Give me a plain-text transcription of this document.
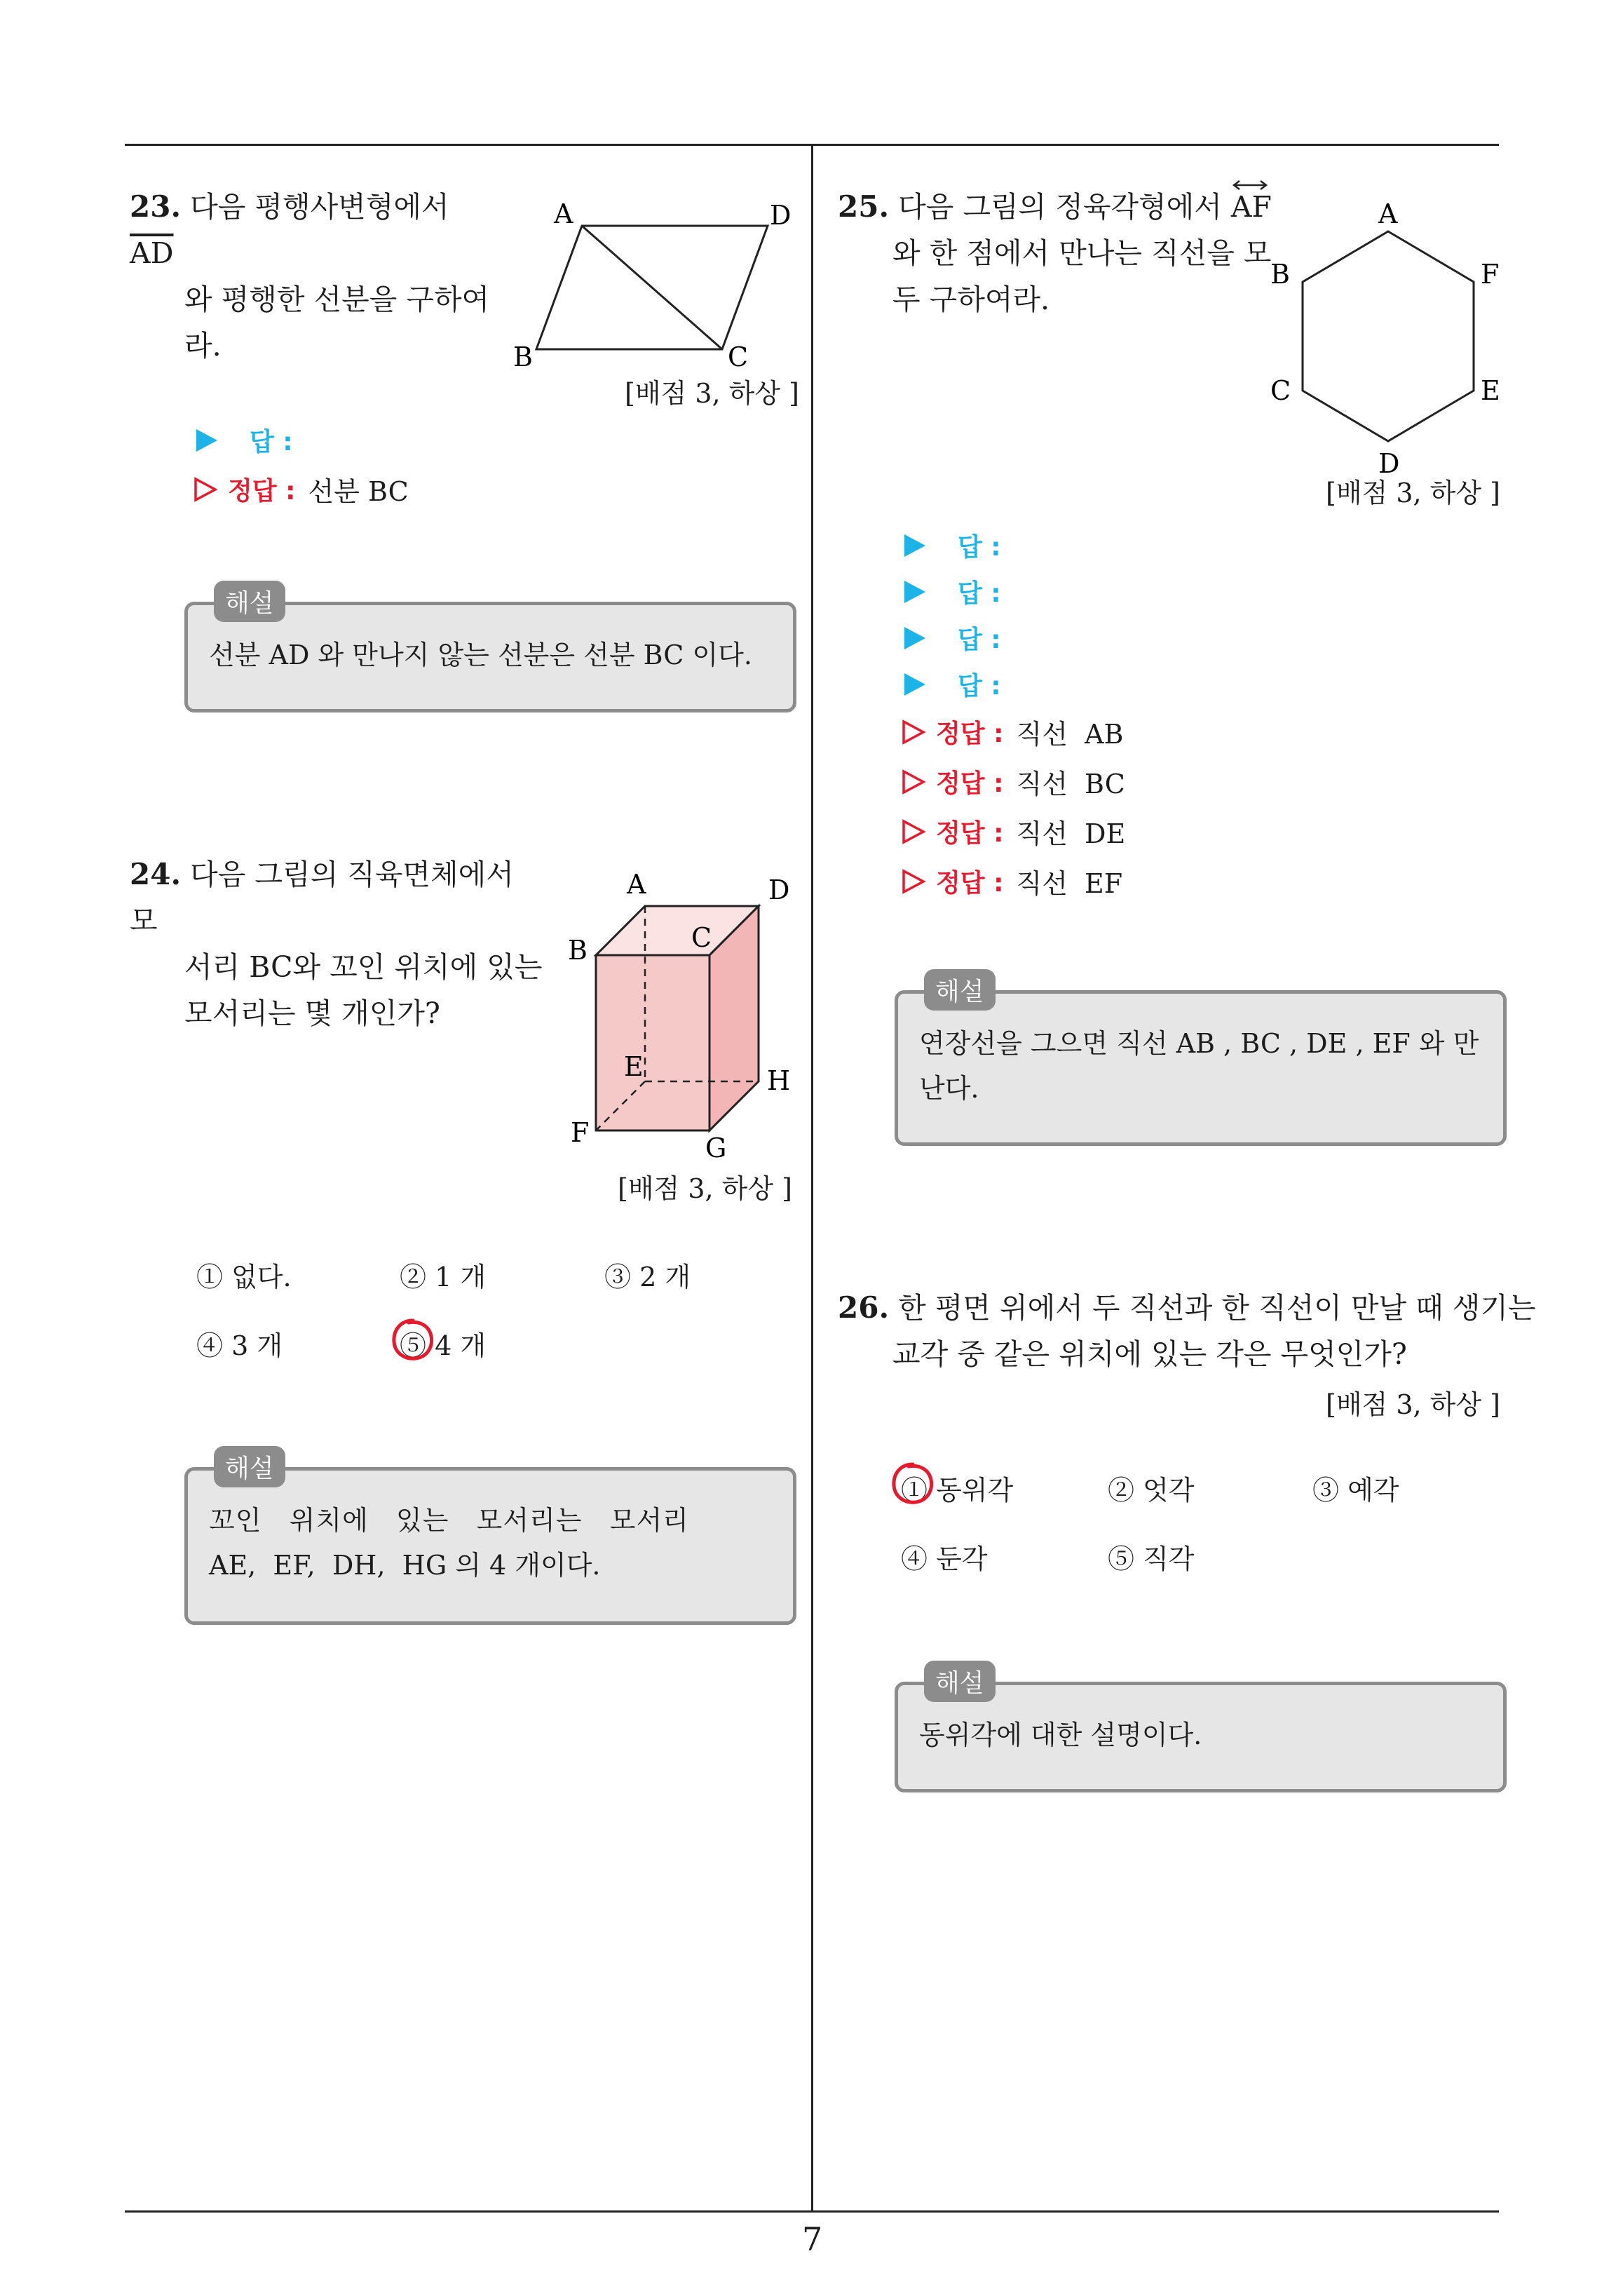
23. 다음 평행사변형에서 $\overline{AD}$
와 평행한 선분을 구하여
라.
A	D
B	C
[배점 3, 하상 ]
답 :
정답 : 선분 BC
해설
선분 AD 와 만나지 않는 선분은 선분 BC 이다.
24. 다음 그림의 직육면체에서 모
서리 BC와 꼬인 위치에 있는
모서리는 몇 개인가?
A	D
B	C
E	H
F	G
[배점 3, 하상 ]
① 없다.	② 1 개	③ 2 개
④ 3 개	⑤ 4 개
해설
꼬인   위치에   있는   모서리는   모서리
AE,  EF,  DH,  HG 의 4 개이다.
25. 다음 그림의 정육각형에서 AF
와 한 점에서 만나는 직선을 모
두 구하여라.
A
B	F
C	E
D
[배점 3, 하상 ]
답 :
답 :
답 :
답 :
정답 : 직선  AB
정답 : 직선  BC
정답 : 직선  DE
정답 : 직선  EF
해설
연장선을 그으면 직선 AB , BC , DE , EF 와 만
난다.
26. 한 평면 위에서 두 직선과 한 직선이 만날 때 생기는
교각 중 같은 위치에 있는 각은 무엇인가?
[배점 3, 하상 ]
① 동위각	② 엇각	③ 예각
④ 둔각	⑤ 직각
해설
동위각에 대한 설명이다.
7
